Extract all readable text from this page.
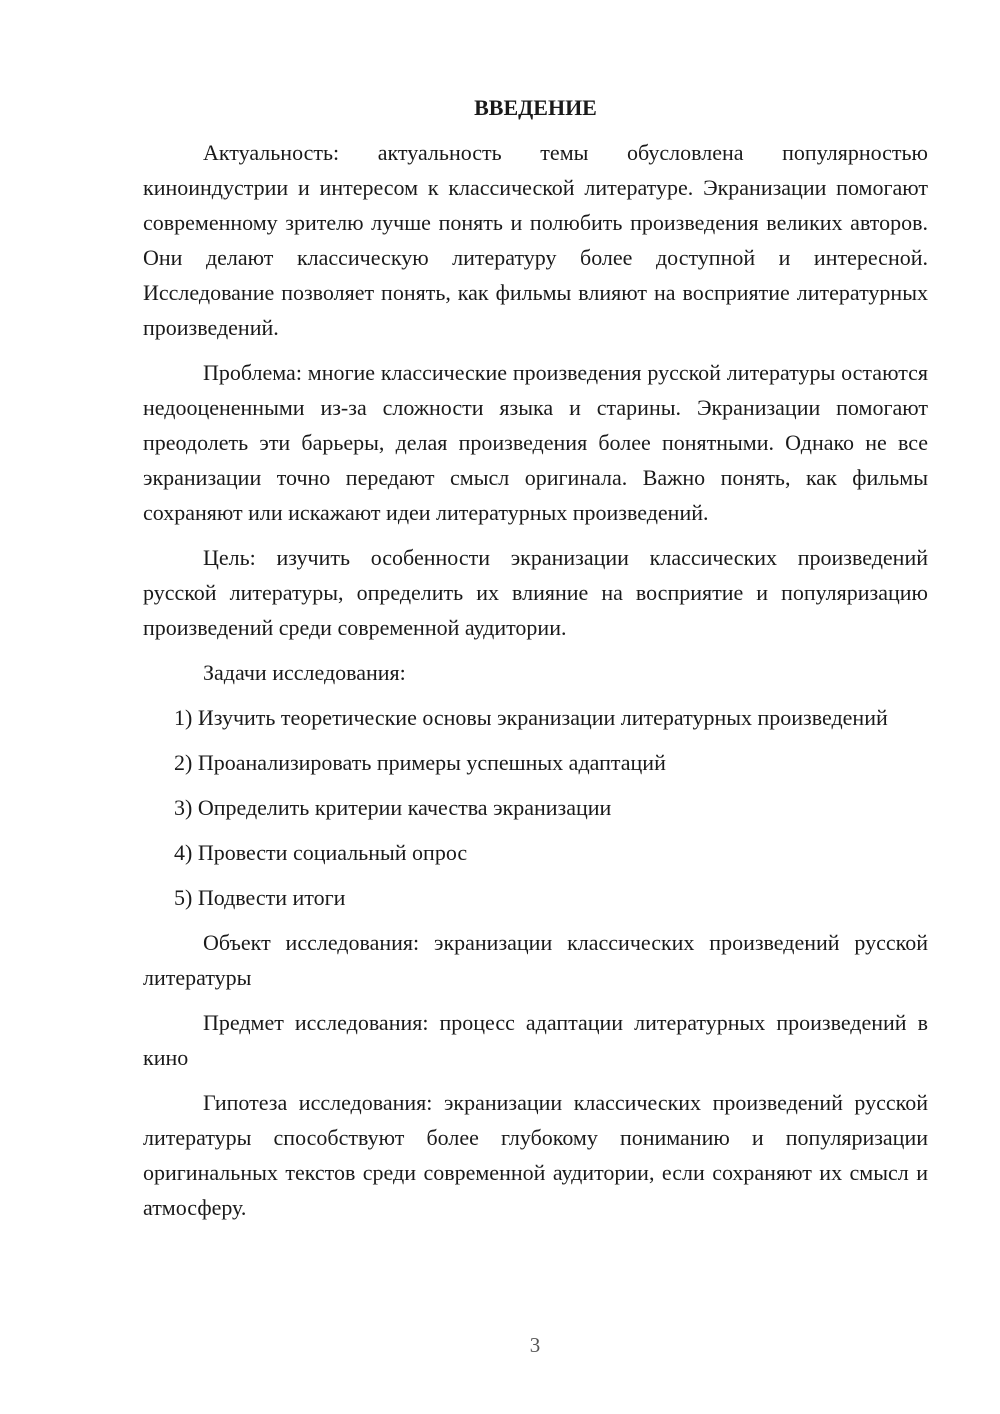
ВВЕДЕНИЕ

Актуальность: актуальность темы обусловлена популярностью киноиндустрии и интересом к классической литературе. Экранизации помогают современному зрителю лучше понять и полюбить произведения великих авторов. Они делают классическую литературу более доступной и интересной. Исследование позволяет понять, как фильмы влияют на восприятие литературных произведений.

Проблема: многие классические произведения русской литературы остаются недооцененными из-за сложности языка и старины. Экранизации помогают преодолеть эти барьеры, делая произведения более понятными. Однако не все экранизации точно передают смысл оригинала. Важно понять, как фильмы сохраняют или искажают идеи литературных произведений.

Цель: изучить особенности экранизации классических произведений русской литературы, определить их влияние на восприятие и популяризацию произведений среди современной аудитории.

Задачи исследования:

1) Изучить теоретические основы экранизации литературных произведений

2) Проанализировать примеры успешных адаптаций

3) Определить критерии качества экранизации

4) Провести социальный опрос

5) Подвести итоги

Объект исследования: экранизации классических произведений русской литературы

Предмет исследования: процесс адаптации литературных произведений в кино

Гипотеза исследования: экранизации классических произведений русской литературы способствуют более глубокому пониманию и популяризации оригинальных текстов среди современной аудитории, если сохраняют их смысл и атмосферу.

3
